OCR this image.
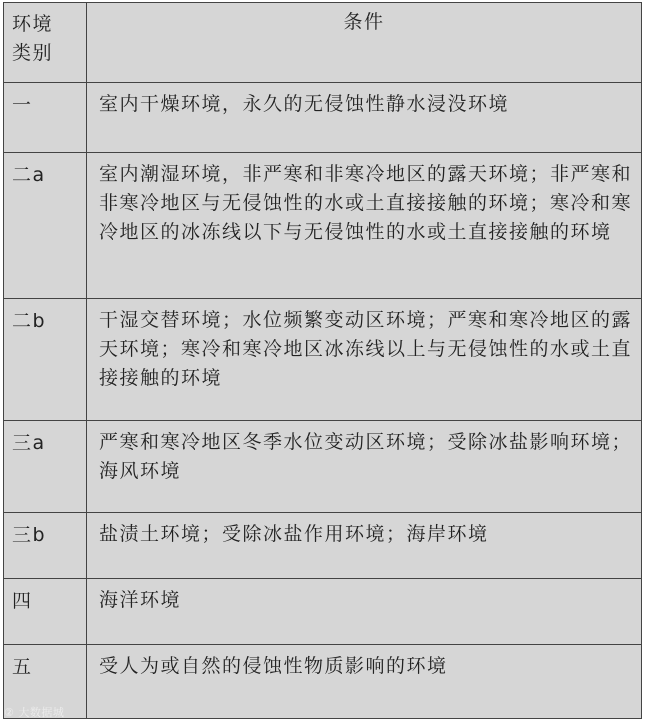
环境类别	条件
一	室内干燥环境，永久的无侵蚀性静水浸没环境
二a	室内潮湿环境，非严寒和非寒冷地区的露天环境；非严寒和非寒冷地区与无侵蚀性的水或土直接接触的环境；寒冷和寒冷地区的冰冻线以下与无侵蚀性的水或土直接接触的环境
二b	干湿交替环境；水位频繁变动区环境；严寒和寒冷地区的露天环境；寒冷和寒冷地区冰冻线以上与无侵蚀性的水或土直接接触的环境
三a	严寒和寒冷地区冬季水位变动区环境；受除冰盐影响环境；海风环境
三b	盐渍土环境；受除冰盐作用环境；海岸环境
四	海洋环境
五	受人为或自然的侵蚀性物质影响的环境
② 大数据城
